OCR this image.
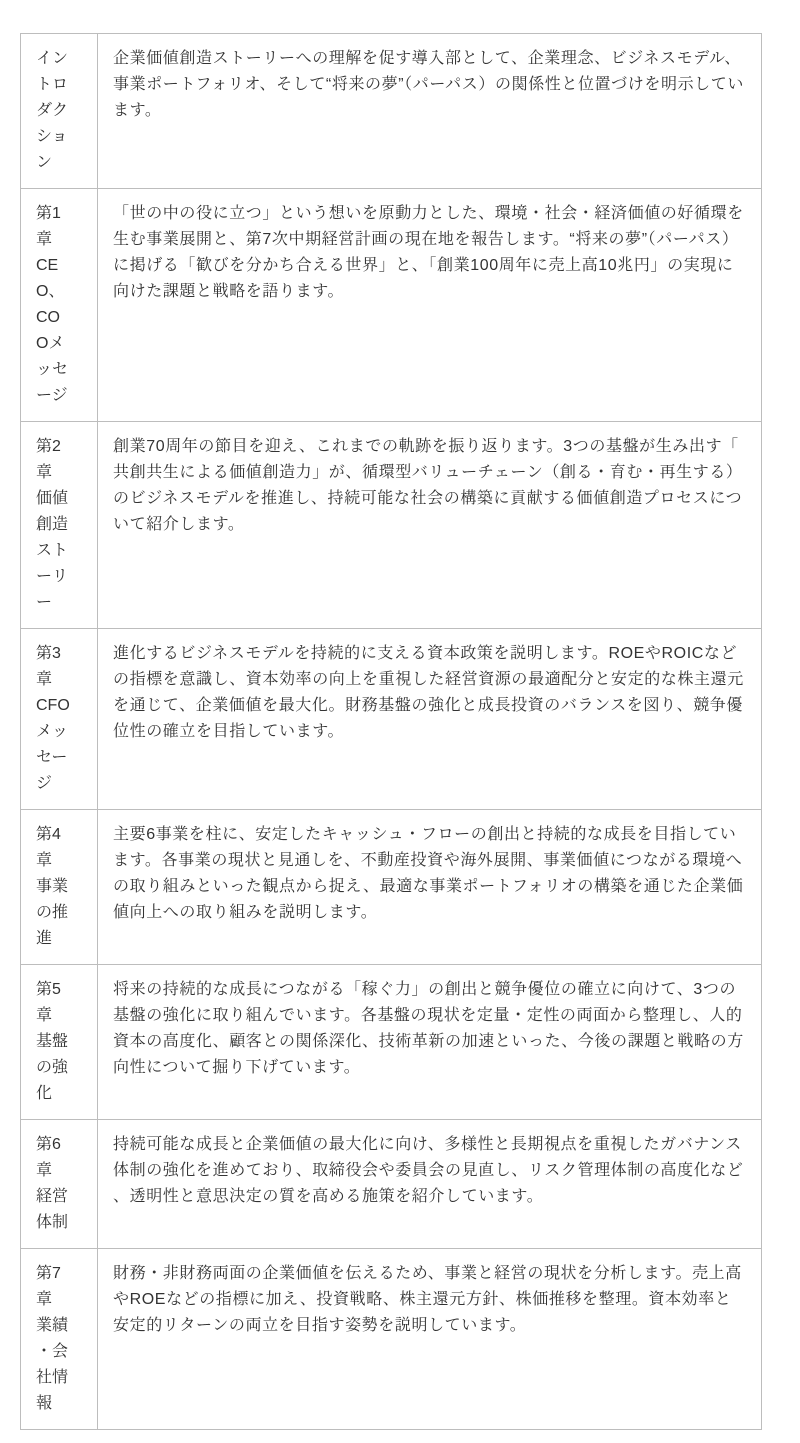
イントロダクション	企業価値創造ストーリーへの理解を促す導入部として、企業理念、ビジネスモデル、事業ポートフォリオ、そして“将来の夢”（パーパス）の関係性と位置づけを明示しています。
第1章　CEO、COOメッセージ	「世の中の役に立つ」という想いを原動力とした、環境・社会・経済価値の好循環を生む事業展開と、第7次中期経営計画の現在地を報告します。“将来の夢”（パーパス）に掲げる「歓びを分かち合える世界」と、「創業100周年に売上高10兆円」の実現に向けた課題と戦略を語ります。
第2章　価値創造ストーリー	創業70周年の節目を迎え、これまでの軌跡を振り返ります。3つの基盤が生み出す「共創共生による価値創造力」が、循環型バリューチェーン（創る・育む・再生する）のビジネスモデルを推進し、持続可能な社会の構築に貢献する価値創造プロセスについて紹介します。
第3章　CFOメッセージ	進化するビジネスモデルを持続的に支える資本政策を説明します。ROEやROICなどの指標を意識し、資本効率の向上を重視した経営資源の最適配分と安定的な株主還元を通じて、企業価値を最大化。財務基盤の強化と成長投資のバランスを図り、競争優位性の確立を目指しています。
第4章　事業の推進	主要6事業を柱に、安定したキャッシュ・フローの創出と持続的な成長を目指しています。各事業の現状と見通しを、不動産投資や海外展開、事業価値につながる環境への取り組みといった観点から捉え、最適な事業ポートフォリオの構築を通じた企業価値向上への取り組みを説明します。
第5章　基盤の強化	将来の持続的な成長につながる「稼ぐ力」の創出と競争優位の確立に向けて、3つの基盤の強化に取り組んでいます。各基盤の現状を定量・定性の両面から整理し、人的資本の高度化、顧客との関係深化、技術革新の加速といった、今後の課題と戦略の方向性について掘り下げています。
第6章　経営体制	持続可能な成長と企業価値の最大化に向け、多様性と長期視点を重視したガバナンス体制の強化を進めており、取締役会や委員会の見直し、リスク管理体制の高度化など、透明性と意思決定の質を高める施策を紹介しています。
第7章　業績・会社情報	財務・非財務両面の企業価値を伝えるため、事業と経営の現状を分析します。売上高やROEなどの指標に加え、投資戦略、株主還元方針、株価推移を整理。資本効率と安定的リターンの両立を目指す姿勢を説明しています。
